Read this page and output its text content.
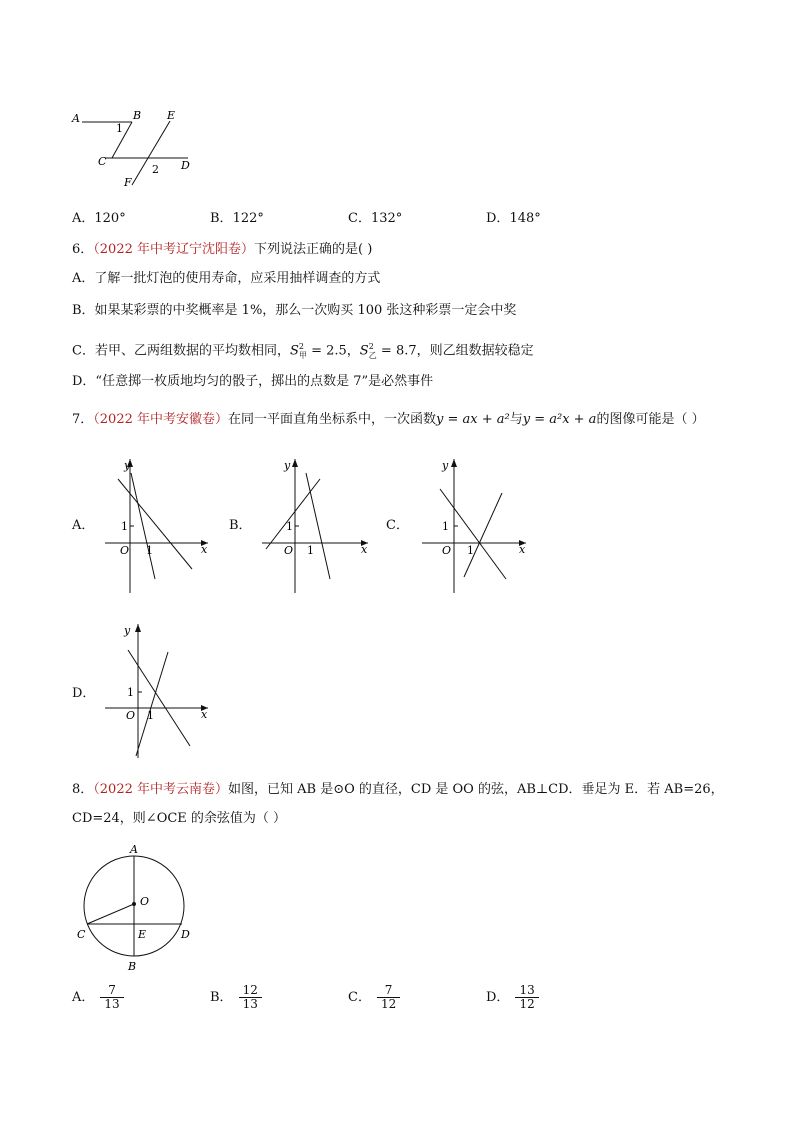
A	B E
C	D
F
1
2
A．120°	B．122°	C．132°	D．148°
6．（2022 年中考辽宁沈阳卷）下列说法正确的是( )
A．了解一批灯泡的使用寿命，应采用抽样调查的方式
B．如果某彩票的中奖概率是 1%，那么一次购买 100 张这种彩票一定会中奖
C．若甲、乙两组数据的平均数相同，$S^2_甲 = 2.5$，$S^2_乙 = 8.7$，则乙组数据较稳定
D．“任意掷一枚质地均匀的骰子，掷出的点数是 7”是必然事件
7．（2022 年中考安徽卷）在同一平面直角坐标系中，一次函数y = ax + a²与y = a²x + a的图像可能是（ ）
A．
y
x
O 1
1	B．
y
x
O 1
1	C．
y
x
O 1
1
D．
y
x
O 1
1
8．（2022 年中考云南卷）如图，已知 AB 是⊙O 的直径，CD 是 OO 的弦，AB⊥CD．垂足为 E．若 AB=26，
CD=24，则∠OCE 的余弦值为（ ）
A
O
C	E	D
B
A． $\frac{7}{13}$	B． $\frac{12}{13}$	C． $\frac{7}{12}$	D． $\frac{13}{12}$
